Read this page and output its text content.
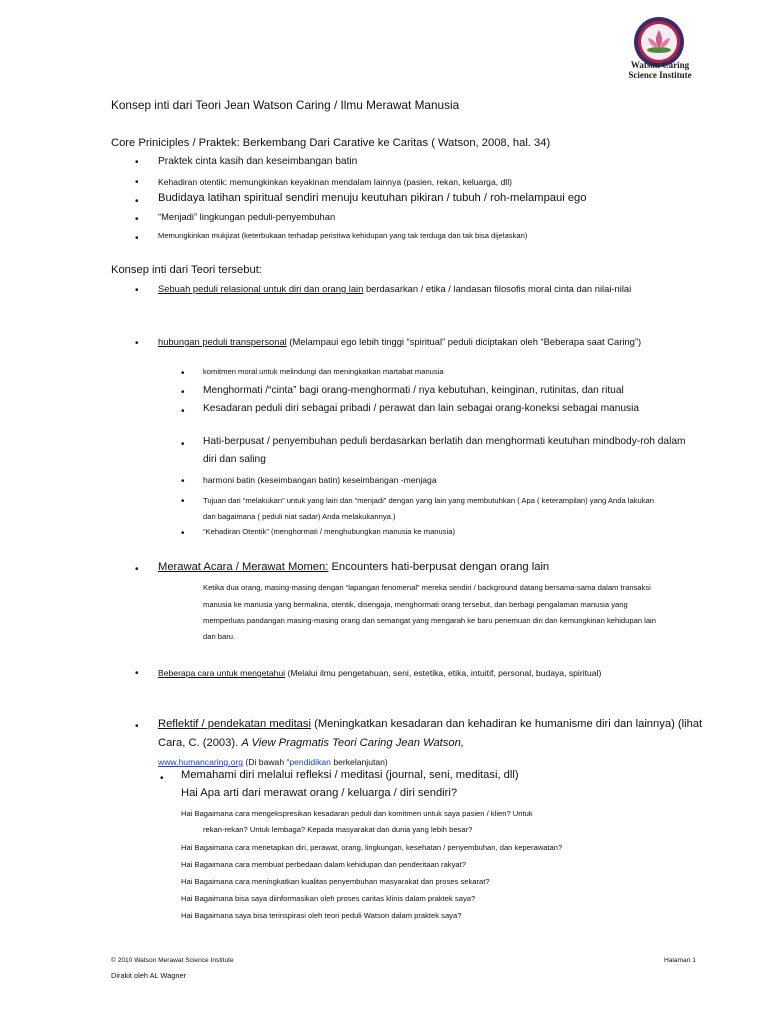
Watson Caring
Science Institute
Konsep inti dari Teori Jean Watson Caring / Ilmu Merawat Manusia
Core Priniciples / Praktek: Berkembang Dari Carative ke Caritas ( Watson, 2008, hal. 34)
• Praktek cinta kasih dan keseimbangan batin
• Kehadiran otentik: memungkinkan keyakinan mendalam lainnya (pasien, rekan, keluarga, dll)
• Budidaya latihan spiritual sendiri menuju keutuhan pikiran / tubuh / roh-melampaui ego
• “Menjadi” lingkungan peduli-penyembuhan
•	Memungkinkan mukjizat (keterbukaan terhadap peristiwa kehidupan yang tak terduga dan tak bisa dijelaskan)
Konsep inti dari Teori tersebut:
• Sebuah peduli relasional untuk diri dan orang lain berdasarkan / etika / landasan filosofis moral cinta dan nilai-nilai
• hubungan peduli transpersonal (Melampaui ego lebih tinggi “spiritual” peduli diciptakan oleh “Beberapa saat Caring”)
• komitmen moral untuk melindungi dan meningkatkan martabat manusia
• Menghormati /“cinta” bagi orang-menghormati / nya kebutuhan, keinginan, rutinitas, dan ritual
• Kesadaran peduli diri sebagai pribadi / perawat dan lain sebagai orang-koneksi sebagai manusia
• Hati-berpusat / penyembuhan peduli berdasarkan berlatih dan menghormati keutuhan mindbody-roh dalam
diri dan saling
• harmoni batin (keseimbangan batin) keseimbangan -menjaga
• Tujuan dari “melakukan” untuk yang lain dan “menjadi” dengan yang lain yang membutuhkan ( Apa ( keterampilan) yang Anda lakukan
dan bagaimana ( peduli niat sadar) Anda melakukannya.)
• “Kehadiran Otentik” (menghormati / menghubungkan manusia ke manusia)
• Merawat Acara / Merawat Momen: Encounters hati-berpusat dengan orang lain
Ketika dua orang, masing-masing dengan “lapangan fenomenal” mereka sendiri / background datang bersama-sama dalam transaksi
manusia ke manusia yang bermakna, otentik, disengaja, menghormati orang tersebut, dan berbagi pengalaman manusia yang
memperluas pandangan masing-masing orang dan semangat yang mengarah ke baru penemuan diri dan kemungkinan kehidupan lain
dan baru.
• Beberapa cara untuk mengetahui (Melalui ilmu pengetahuan, seni, estetika, etika, intuitif, personal, budaya, spiritual)
• Reflektif / pendekatan meditasi (Meningkatkan kesadaran dan kehadiran ke humanisme diri dan lainnya) (lihat
Cara, C. (2003). A View Pragmatis Teori Caring Jean Watson,
www.humancaring.org (Di bawah “pendidikan berkelanjutan)
• Memahami diri melalui refleksi / meditasi (journal, seni, meditasi, dll)
Hai Apa arti dari merawat orang / keluarga / diri sendiri?
Hai Bagaimana cara mengekspresikan kesadaran peduli dan komitmen untuk saya pasien / klien? Untuk
rekan-rekan? Untuk lembaga? Kepada masyarakat dan dunia yang lebih besar?
Hai Bagaimana cara menetapkan diri, perawat, orang, lingkungan, kesehatan / penyembuhan, dan keperawatan?
Hai Bagaimana cara membuat perbedaan dalam kehidupan dan penderitaan rakyat?
Hai Bagaimana cara meningkatkan kualitas penyembuhan masyarakat dan proses sekarat?
Hai Bagaimana bisa saya diinformasikan oleh proses caritas klinis dalam praktek saya?
Hai Bagaimana saya bisa terinspirasi oleh teori peduli Watson dalam praktek saya?
© 2010 Watson Merawat Science Institute
Dirakit oleh AL Wagner
Halaman 1
